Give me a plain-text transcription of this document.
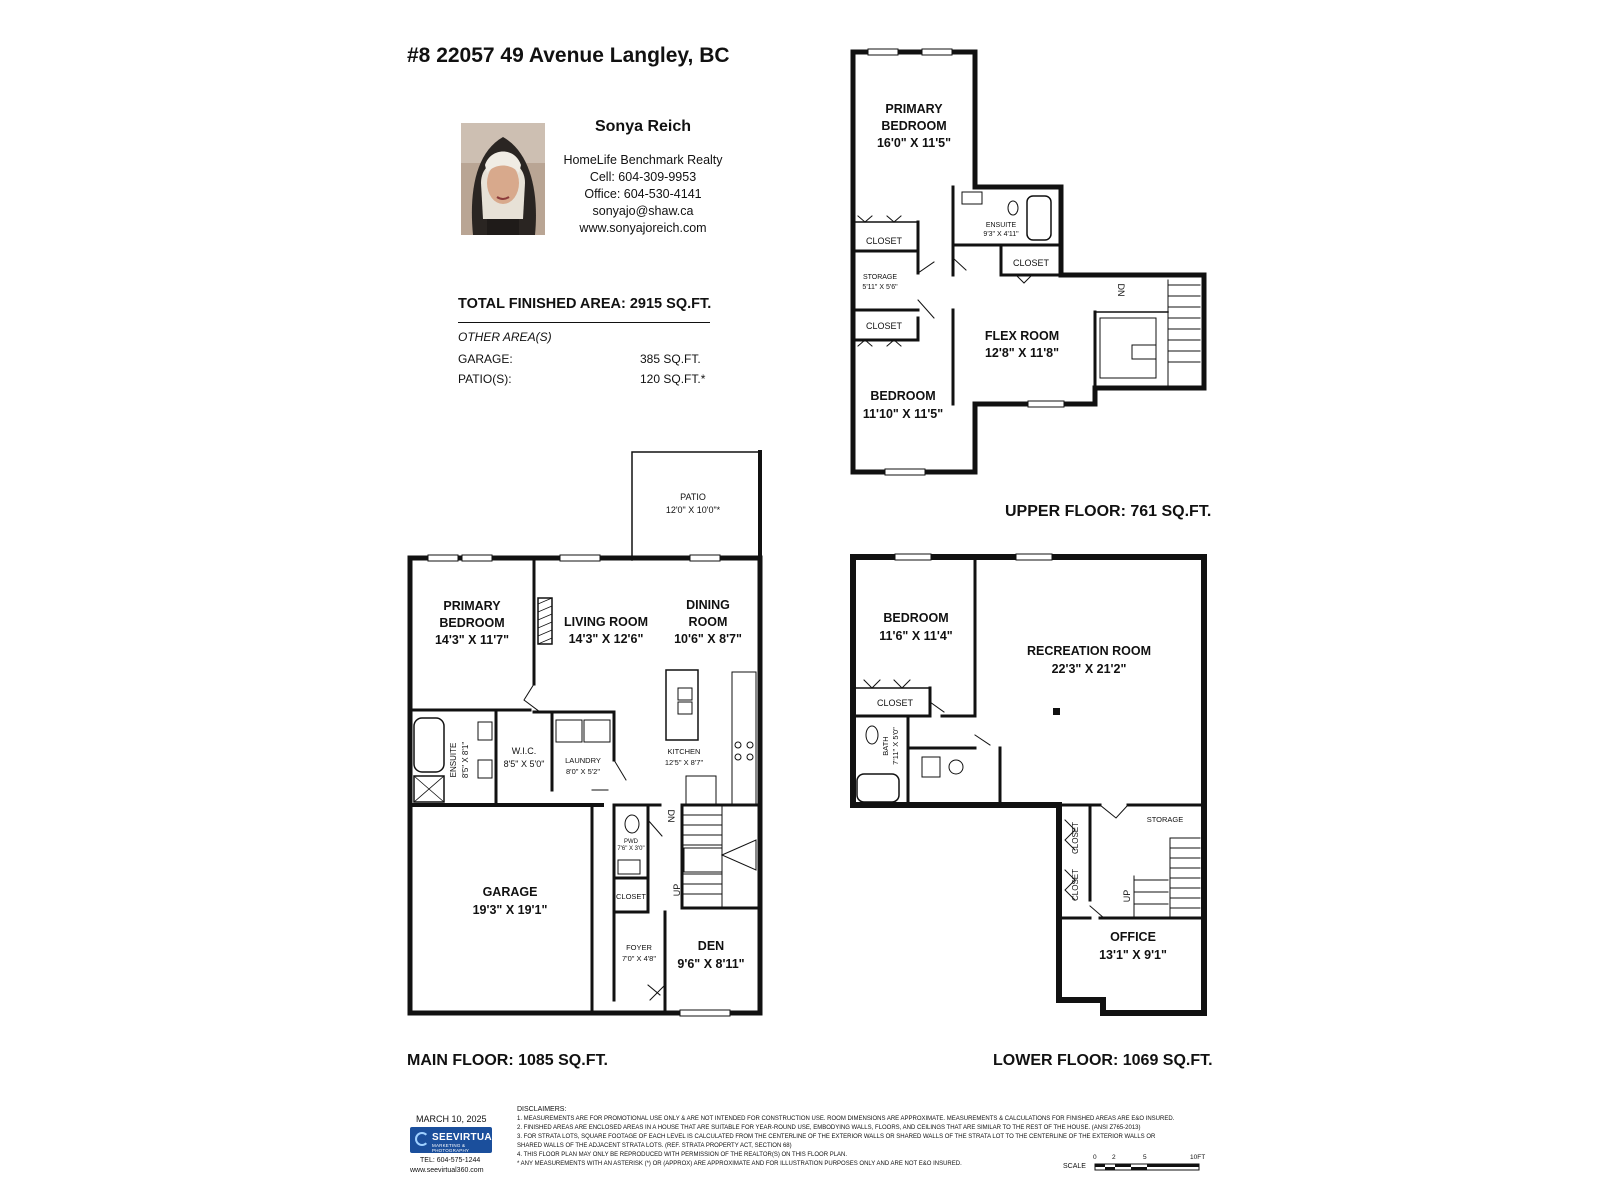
#8 22057 49 Avenue Langley, BC
Sonya Reich
HomeLife Benchmark Realty
Cell: 604-309-9953
Office: 604-530-4141
sonyajo@shaw.ca
www.sonyajoreich.com
TOTAL FINISHED AREA: 2915 SQ.FT.
OTHER AREA(S)
GARAGE:	385 SQ.FT.
PATIO(S):	120 SQ.FT.*
PRIMARY
BEDROOM
16'0" X 11'5"
ENSUITE
9'3" X 4'11"
CLOSET
CLOSET
STORAGE
5'11" X 5'6"
CLOSET
FLEX ROOM
12'8" X 11'8"
BEDROOM
11'10" X 11'5"
DN
PATIO
12'0" X 10'0"*
PRIMARY
BEDROOM
14'3" X 11'7"
LIVING ROOM
14'3" X 12'6"
DINING
ROOM
10'6" X 8'7"
ENSUITE 8'5" X 8'1"	W.I.C.
8'5" X 5'0"	LAUNDRY
8'0" X 5'2"
KITCHEN
12'5" X 8'7"
PWD
7'6" X 3'0"
CLOSET
GARAGE
19'3" X 19'1"
FOYER
7'0" X 4'8"
DEN
9'6" X 8'11"
DN
UP
BEDROOM
11'6" X 11'4"
RECREATION ROOM
22'3" X 21'2"
CLOSET
BATH 7'11" X 5'0"
STORAGE
CLOSET
CLOSET
OFFICE
13'1" X 9'1"
UP
UPPER FLOOR: 761 SQ.FT.
MAIN FLOOR: 1085 SQ.FT.	LOWER FLOOR: 1069 SQ.FT.
MARCH 10, 2025
SEEVIRTUAL
MARKETING & PHOTOGRAPHY
TEL: 604-575-1244
www.seevirtual360.com
DISCLAIMERS:
1. MEASUREMENTS ARE FOR PROMOTIONAL USE ONLY & ARE NOT INTENDED FOR CONSTRUCTION USE. ROOM DIMENSIONS ARE APPROXIMATE. MEASUREMENTS & CALCULATIONS FOR FINISHED AREAS ARE E&O INSURED.
2. FINISHED AREAS ARE ENCLOSED AREAS IN A HOUSE THAT ARE SUITABLE FOR YEAR-ROUND USE, EMBODYING WALLS, FLOORS, AND CEILINGS THAT ARE SIMILAR TO THE REST OF THE HOUSE. (ANSI Z765-2013)
3. FOR STRATA LOTS, SQUARE FOOTAGE OF EACH LEVEL IS CALCULATED FROM THE CENTERLINE OF THE EXTERIOR WALLS OR SHARED WALLS OF THE STRATA LOT TO THE CENTERLINE OF THE EXTERIOR WALLS OR
SHARED WALLS OF THE ADJACENT STRATA LOTS. (REF. STRATA PROPERTY ACT, SECTION 68)
4. THIS FLOOR PLAN MAY ONLY BE REPRODUCED WITH PERMISSION OF THE REALTOR(S) ON THIS FLOOR PLAN.
* ANY MEASUREMENTS WITH AN ASTERISK (*) OR (APPROX) ARE APPROXIMATE AND FOR ILLUSTRATION PURPOSES ONLY AND ARE NOT E&O INSURED.	SCALE
0 2	5	10FT
